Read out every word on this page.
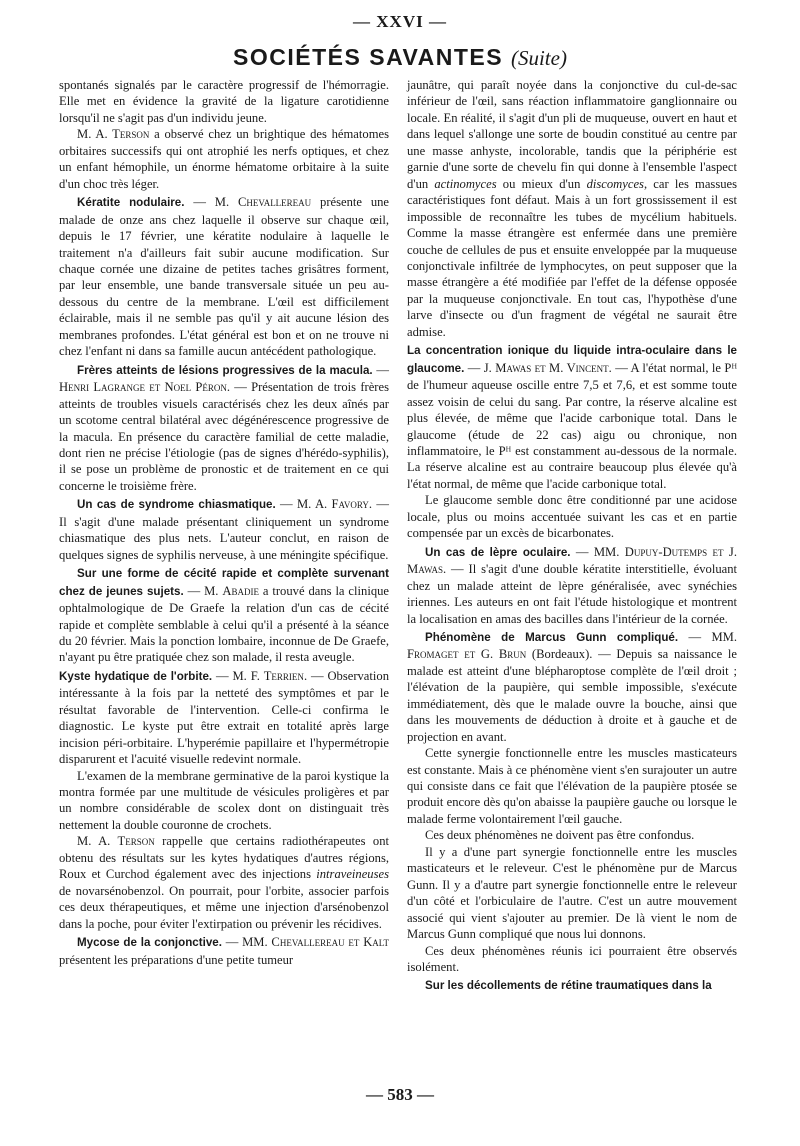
— XXVI —
SOCIÉTÉS SAVANTES (Suite)

spontanés signalés par le caractère progressif de l'hémorragie. Elle met en évidence la gravité de la ligature carotidienne lorsqu'il ne s'agit pas d'un individu jeune.

M. A. Terson a observé chez un brightique des hématomes orbitaires successifs qui ont atrophié les nerfs optiques, et chez un enfant hémophile, un énorme hématome orbitaire à la suite d'un choc très léger.

Kératite nodulaire. — M. Chevallereau présente une malade de onze ans chez laquelle il observe sur chaque œil, depuis le 17 février, une kératite nodulaire à laquelle le traitement n'a d'ailleurs fait subir aucune modification. Sur chaque cornée une dizaine de petites taches grisâtres forment, par leur ensemble, une bande transversale située un peu au-dessous du centre de la membrane. L'œil est difficilement éclairable, mais il ne semble pas qu'il y ait aucune lésion des membranes profondes. L'état général est bon et on ne trouve ni chez l'enfant ni dans sa famille aucun antécédent pathologique.

Frères atteints de lésions progressives de la macula. — Henri Lagrange et Noel Péron. — Présentation de trois frères atteints de troubles visuels caractérisés chez les deux aînés par un scotome central bilatéral avec dégénérescence progressive de la macula. En présence du caractère familial de cette maladie, dont rien ne précise l'étiologie (pas de signes d'hérédo-syphilis), il se pose un problème de pronostic et de traitement en ce qui concerne le troisième frère.

Un cas de syndrome chiasmatique. — M. A. Favory. — Il s'agit d'une malade présentant cliniquement un syndrome chiasmatique des plus nets. L'auteur conclut, en raison de quelques signes de syphilis nerveuse, à une méningite spécifique.

Sur une forme de cécité rapide et complète survenant chez de jeunes sujets. — M. Abadie a trouvé dans la clinique ophtalmologique de De Graefe la relation d'un cas de cécité rapide et complète semblable à celui qu'il a présenté à la séance du 20 février. Mais la ponction lombaire, inconnue de De Graefe, n'ayant pu être pratiquée chez son malade, il resta aveugle.

Kyste hydatique de l'orbite. — M. F. Terrien. — Observation intéressante à la fois par la netteté des symptômes et par le résultat favorable de l'intervention. Celle-ci confirma le diagnostic. Le kyste put être extrait en totalité après large incision péri-orbitaire. L'hyperémie papillaire et l'hypermétropie disparurent et l'acuité visuelle redevint normale.

L'examen de la membrane germinative de la paroi kystique la montra formée par une multitude de vésicules proligères et par un nombre considérable de scolex dont on distinguait très nettement la double couronne de crochets.

M. A. Terson rappelle que certains radiothérapeutes ont obtenu des résultats sur les kytes hydatiques d'autres régions, Roux et Curchod également avec des injections intraveineuses de novarsénobenzol. On pourrait, pour l'orbite, associer parfois ces deux thérapeutiques, et même une injection d'arsénobenzol dans la poche, pour éviter l'extirpation ou prévenir les récidives.

Mycose de la conjonctive. — MM. Chevallereau et Kalt présentent les préparations d'une petite tumeur

jaunâtre, qui paraît noyée dans la conjonctive du cul-de-sac inférieur de l'œil, sans réaction inflammatoire ganglionnaire ou locale. En réalité, il s'agit d'un pli de muqueuse, ouvert en haut et dans lequel s'allonge une sorte de boudin constitué au centre par une masse anhyste, incolorable, tandis que la périphérie est garnie d'une sorte de chevelu fin qui donne à l'ensemble l'aspect d'un actinomyces ou mieux d'un discomyces, car les massues caractéristiques font défaut. Mais à un fort grossissement il est impossible de reconnaître les tubes de mycélium habituels. Comme la masse étrangère est enfermée dans une première couche de cellules de pus et ensuite enveloppée par la muqueuse conjonctivale infiltrée de lymphocytes, on peut supposer que la masse étrangère a été modifiée par l'effet de la défense opposée par la muqueuse conjonctivale. En tout cas, l'hypothèse d'une larve d'insecte ou d'un fragment de végétal ne saurait être admise.

La concentration ionique du liquide intra-oculaire dans le glaucome. — J. Mawas et M. Vincent. — A l'état normal, le Pᴴ de l'humeur aqueuse oscille entre 7,5 et 7,6, et est somme toute assez voisin de celui du sang. Par contre, la réserve alcaline est plus élevée, de même que l'acide carbonique total. Dans le glaucome (étude de 22 cas) aigu ou chronique, non inflammatoire, le Pᴴ est constamment au-dessous de la normale. La réserve alcaline est au contraire beaucoup plus élevée qu'à l'état normal, de même que l'acide carbonique total.

Le glaucome semble donc être conditionné par une acidose locale, plus ou moins accentuée suivant les cas et en partie compensée par un excès de bicarbonates.

Un cas de lèpre oculaire. — MM. Dupuy-Dutemps et J. Mawas. — Il s'agit d'une double kératite interstitielle, évoluant chez un malade atteint de lèpre généralisée, avec synéchies iriennes. Les auteurs en ont fait l'étude histologique et montrent la localisation en amas des bacilles dans l'intérieur de la cornée.

Phénomène de Marcus Gunn compliqué. — MM. Fromaget et G. Brun (Bordeaux). — Depuis sa naissance le malade est atteint d'une blépharoptose complète de l'œil droit ; l'élévation de la paupière, qui semble impossible, s'exécute immédiatement, dès que le malade ouvre la bouche, ainsi que dans les mouvements de déduction à droite et à gauche et de projection en avant.

Cette synergie fonctionnelle entre les muscles masticateurs est constante. Mais à ce phénomène vient s'en surajouter un autre qui consiste dans ce fait que l'élévation de la paupière ptosée se produit encore dès qu'on abaisse la paupière gauche ou lorsque le malade ferme volontairement l'œil gauche.

Ces deux phénomènes ne doivent pas être confondus.

Il y a d'une part synergie fonctionnelle entre les muscles masticateurs et le releveur. C'est le phénomène pur de Marcus Gunn. Il y a d'autre part synergie fonctionnelle entre le releveur d'un côté et l'orbiculaire de l'autre. C'est un autre mouvement associé qui vient s'ajouter au premier. De là vient le nom de Marcus Gunn compliqué que nous lui donnons.

Ces deux phénomènes réunis ici pourraient être observés isolément.

Sur les décollements de rétine traumatiques dans la

— 583 —
